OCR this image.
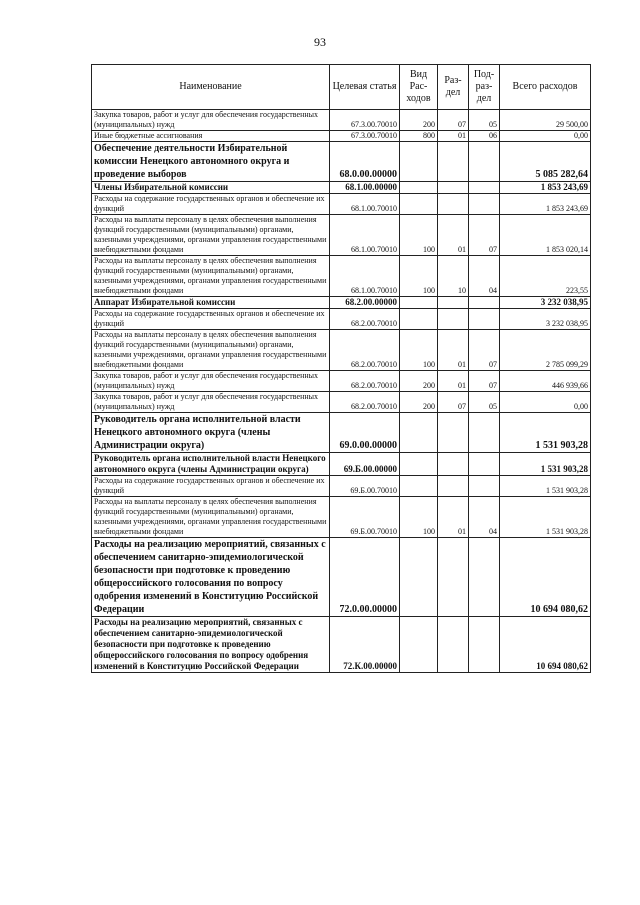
93
Наименование	Целевая статья	Вид Рас- ходов	Раз- дел	Под- раз- дел	Всего расходов
Закупка товаров, работ и услуг для обеспечения государственных (муниципальных) нужд	67.3.00.70010	200	07	05	29 500,00
Иные бюджетные ассигнования	67.3.00.70010	800	01	06	0,00
Обеспечение деятельности Избирательной комиссии Ненецкого автономного округа и проведение выборов	68.0.00.00000				5 085 282,64
Члены Избирательной комиссии	68.1.00.00000				1 853 243,69
Расходы на содержание государственных органов и обеспечение их функций	68.1.00.70010				1 853 243,69
Расходы на выплаты персоналу в целях обеспечения выполнения функций государственными (муниципальными) органами, казенными учреждениями, органами управления государственными внебюджетными фондами	68.1.00.70010	100	01	07	1 853 020,14
Расходы на выплаты персоналу в целях обеспечения выполнения функций государственными (муниципальными) органами, казенными учреждениями, органами управления государственными внебюджетными фондами	68.1.00.70010	100	10	04	223,55
Аппарат Избирательной комиссии	68.2.00.00000				3 232 038,95
Расходы на содержание государственных органов и обеспечение их функций	68.2.00.70010				3 232 038,95
Расходы на выплаты персоналу в целях обеспечения выполнения функций государственными (муниципальными) органами, казенными учреждениями, органами управления государственными внебюджетными фондами	68.2.00.70010	100	01	07	2 785 099,29
Закупка товаров, работ и услуг для обеспечения государственных (муниципальных) нужд	68.2.00.70010	200	01	07	446 939,66
Закупка товаров, работ и услуг для обеспечения государственных (муниципальных) нужд	68.2.00.70010	200	07	05	0,00
Руководитель органа исполнительной власти Ненецкого автономного округа (члены Администрации округа)	69.0.00.00000				1 531 903,28
Руководитель органа исполнительной власти Ненецкого автономного округа (члены Администрации округа)	69.Б.00.00000				1 531 903,28
Расходы на содержание государственных органов и обеспечение их функций	69.Б.00.70010				1 531 903,28
Расходы на выплаты персоналу в целях обеспечения выполнения функций государственными (муниципальными) органами, казенными учреждениями, органами управления государственными внебюджетными фондами	69.Б.00.70010	100	01	04	1 531 903,28
Расходы на реализацию мероприятий, связанных с обеспечением санитарно-эпидемиологической безопасности при подготовке к проведению общероссийского голосования по вопросу одобрения изменений в Конституцию Российской Федерации	72.0.00.00000				10 694 080,62
Расходы на реализацию мероприятий, связанных с обеспечением санитарно-эпидемиологической безопасности при подготовке к проведению общероссийского голосования по вопросу одобрения изменений в Конституцию Российской Федерации	72.К.00.00000				10 694 080,62
